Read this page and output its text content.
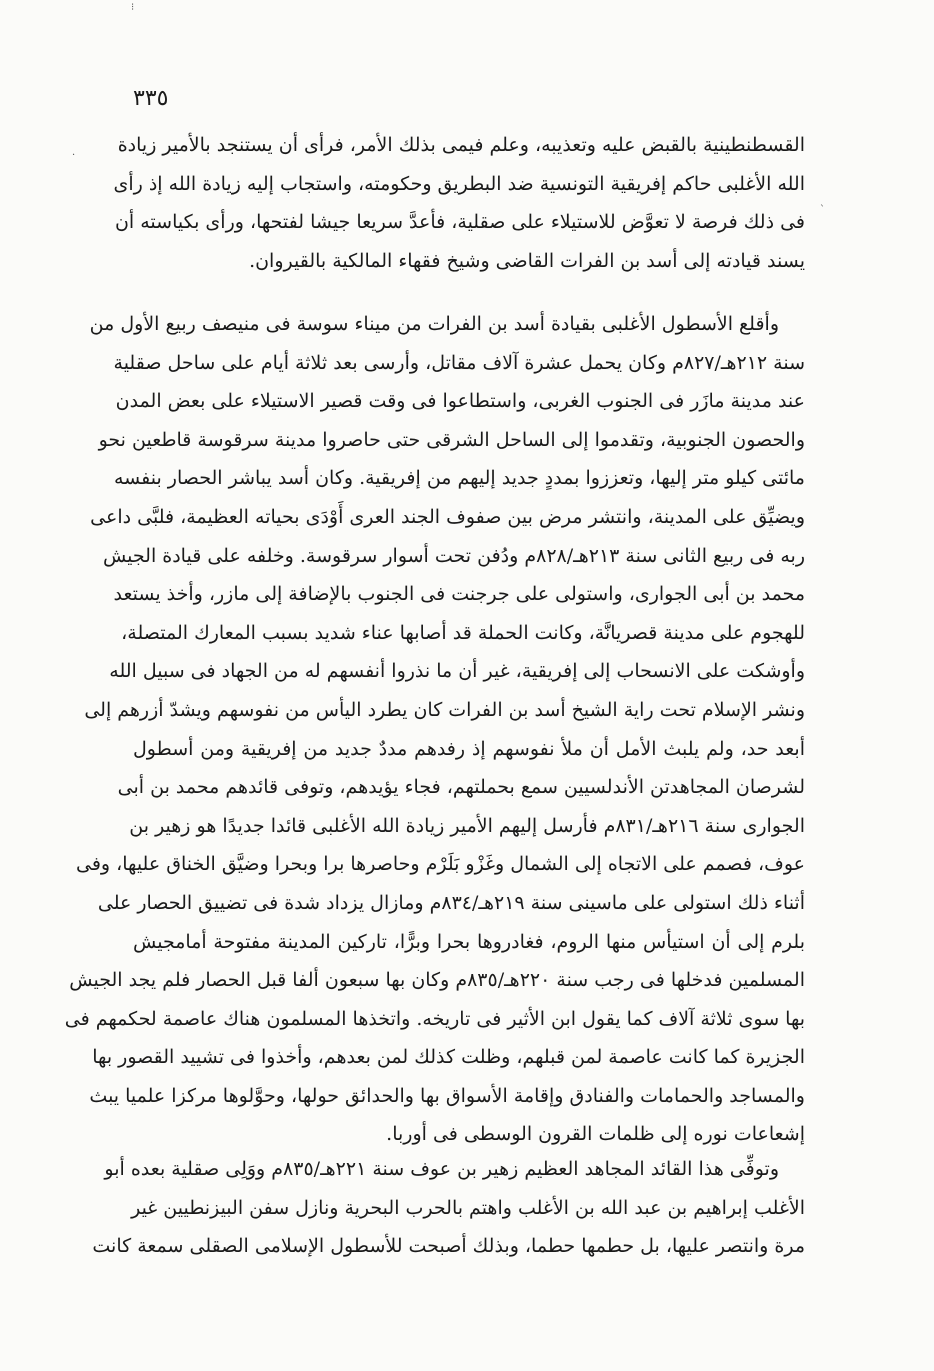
٣٣٥
القسطنطينية بالقبض عليه وتعذيبه، وعلم فيمى بذلك الأمر، فرأى أن يستنجد بالأمير زيادة
الله الأغلبى حاكم إفريقية التونسية ضد البطريق وحكومته، واستجاب إليه زيادة الله إذ رأى
فى ذلك فرصة لا تعوَّض للاستيلاء على صقلية، فأعدَّ سريعا جيشا لفتحها، ورأى بكياسته أن
يسند قيادته إلى أسد بن الفرات القاضى وشيخ فقهاء المالكية بالقيروان.
وأقلع الأسطول الأغلبى بقيادة أسد بن الفرات من ميناء سوسة فى منيصف ربيع الأول من
سنة ٢١٢هـ/٨٢٧م وكان يحمل عشرة آلاف مقاتل، وأرسى بعد ثلاثة أيام على ساحل صقلية
عند مدينة مازَر فى الجنوب الغربى، واستطاعوا فى وقت قصير الاستيلاء على بعض المدن
والحصون الجنوبية، وتقدموا إلى الساحل الشرقى حتى حاصروا مدينة سرقوسة قاطعين نحو
مائتى كيلو متر إليها، وتعززوا بمددٍ جديد إليهم من إفريقية. وكان أسد يباشر الحصار بنفسه
ويضيِّق على المدينة، وانتشر مرض بين صفوف الجند العرى أَوْدَى بحياته العظيمة، فلبَّى داعى
ربه فى ربيع الثانى سنة ٢١٣هـ/٨٢٨م ودُفن تحت أسوار سرقوسة. وخلفه على قيادة الجيش
محمد بن أبى الجوارى، واستولى على جرجنت فى الجنوب بالإضافة إلى مازر، وأخذ يستعد
للهجوم على مدينة قصريانَّة، وكانت الحملة قد أصابها عناء شديد بسبب المعارك المتصلة،
وأوشكت على الانسحاب إلى إفريقية، غير أن ما نذروا أنفسهم له من الجهاد فى سبيل الله
ونشر الإسلام تحت راية الشيخ أسد بن الفرات كان يطرد اليأس من نفوسهم ويشدّ أزرهم إلى
أبعد حد، ولم يلبث الأمل أن ملأ نفوسهم إذ رفدهم مددٌ جديد من إفريقية ومن أسطول
لشرصان المجاهدتن الأندلسيين سمع بحملتهم، فجاء يؤيدهم، وتوفى قائدهم محمد بن أبى
الجوارى سنة ٢١٦هـ/٨٣١م فأرسل إليهم الأمير زيادة الله الأغلبى قائدا جديدًا هو زهير بن
عوف، فصمم على الاتجاه إلى الشمال وغَزْو بَلَرْم وحاصرها برا وبحرا وضيَّق الخناق عليها، وفى
أثناء ذلك استولى على ماسينى سنة ٢١٩هـ/٨٣٤م ومازال يزداد شدة فى تضييق الحصار على
بلرم إلى أن استيأس منها الروم، فغادروها بحرا وبرًّا، تاركين المدينة مفتوحة أمامجيش
المسلمين فدخلها فى رجب سنة ٢٢٠هـ/٨٣٥م وكان بها سبعون ألفا قبل الحصار فلم يجد الجيش
بها سوى ثلاثة آلاف كما يقول ابن الأثير فى تاريخه. واتخذها المسلمون هناك عاصمة لحكمهم فى
الجزيرة كما كانت عاصمة لمن قبلهم، وظلت كذلك لمن بعدهم، وأخذوا فى تشييد القصور بها
والمساجد والحمامات والفنادق وإقامة الأسواق بها والحدائق حولها، وحوَّلوها مركزا علميا يبث
إشعاعات نوره إلى ظلمات القرون الوسطى فى أوربا.
وتوفِّى هذا القائد المجاهد العظيم زهير بن عوف سنة ٢٢١هـ/٨٣٥م ووَلِى صقلية بعده أبو
الأغلب إبراهيم بن عبد الله بن الأغلب واهتم بالحرب البحرية ونازل سفن البيزنطيين غير
مرة وانتصر عليها، بل حطمها حطما، وبذلك أصبحت للأسطول الإسلامى الصقلى سمعة كانت
⁝
·
`
